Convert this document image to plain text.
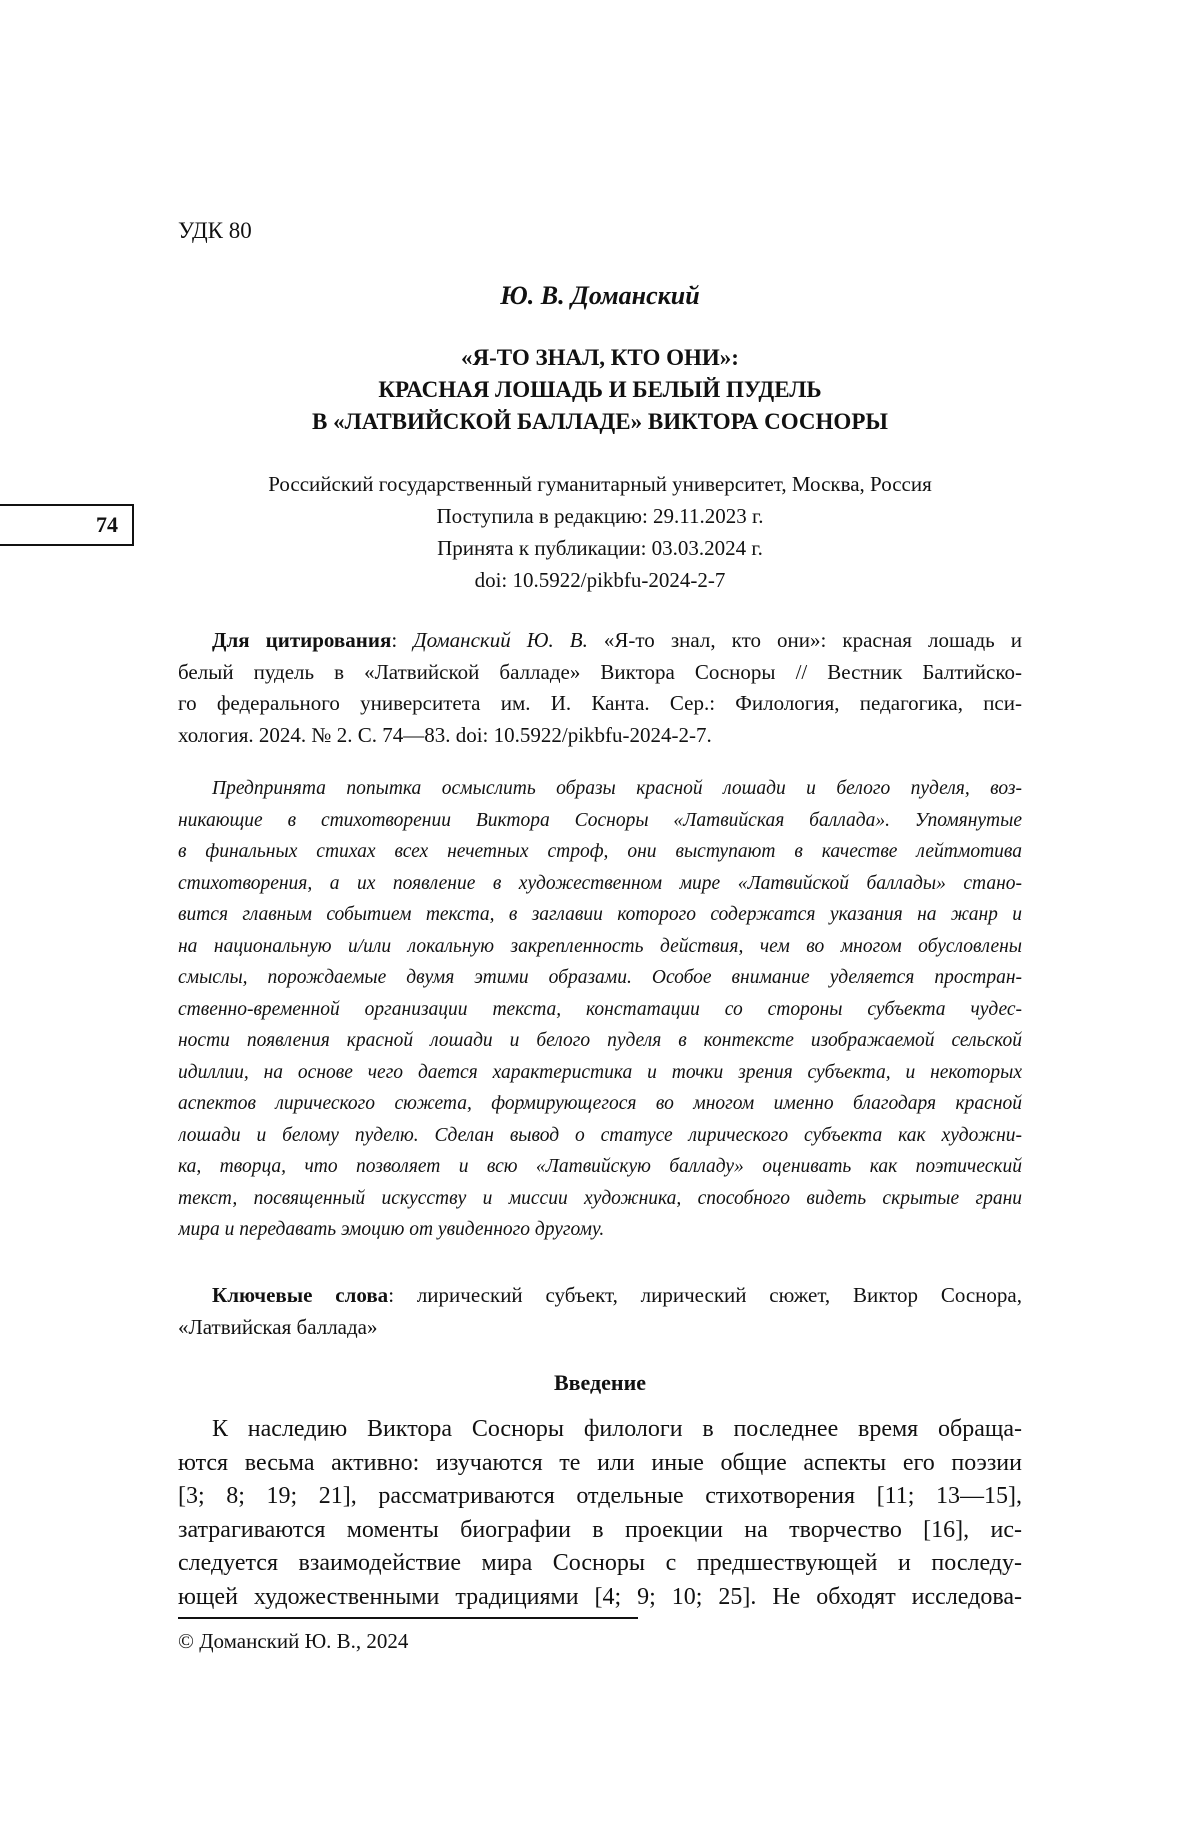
УДК 80
Ю. В. Доманский
«Я-ТО ЗНАЛ, КТО ОНИ»:
КРАСНАЯ ЛОШАДЬ И БЕЛЫЙ ПУДЕЛЬ
В «ЛАТВИЙСКОЙ БАЛЛАДЕ» ВИКТОРА СОСНОРЫ
Российский государственный гуманитарный университет, Москва, Россия
Поступила в редакцию: 29.11.2023 г.
Принята к публикации: 03.03.2024 г.
doi: 10.5922/pikbfu-2024-2-7
74
Для цитирования: Доманский Ю. В. «Я-то знал, кто они»: красная лошадь и
белый пудель в «Латвийской балладе» Виктора Сосноры // Вестник Балтийско-
го федерального университета им. И. Канта. Сер.: Филология, педагогика, пси-
хология. 2024. № 2. С. 74—83. doi: 10.5922/pikbfu-2024-2-7.
Предпринята попытка осмыслить образы красной лошади и белого пуделя, воз-
никающие в стихотворении Виктора Сосноры «Латвийская баллада». Упомянутые
в финальных стихах всех нечетных строф, они выступают в качестве лейтмотива
стихотворения, а их появление в художественном мире «Латвийской баллады» стано-
вится главным событием текста, в заглавии которого содержатся указания на жанр и
на национальную и/или локальную закрепленность действия, чем во многом обусловлены
смыслы, порождаемые двумя этими образами. Особое внимание уделяется простран-
ственно-временной организации текста, констатации со стороны субъекта чудес-
ности появления красной лошади и белого пуделя в контексте изображаемой сельской
идиллии, на основе чего дается характеристика и точки зрения субъекта, и некоторых
аспектов лирического сюжета, формирующегося во многом именно благодаря красной
лошади и белому пуделю. Сделан вывод о статусе лирического субъекта как художни-
ка, творца, что позволяет и всю «Латвийскую балладу» оценивать как поэтический
текст, посвященный искусству и миссии художника, способного видеть скрытые грани
мира и передавать эмоцию от увиденного другому.
Ключевые слова: лирический субъект, лирический сюжет, Виктор Соснора,
«Латвийская баллада»
Введение
К наследию Виктора Сосноры филологи в последнее время обраща-
ются весьма активно: изучаются те или иные общие аспекты его поэзии
[3; 8; 19; 21], рассматриваются отдельные стихотворения [11; 13—15],
затрагиваются моменты биографии в проекции на творчество [16], ис-
следуется взаимодействие мира Сосноры с предшествующей и последу-
ющей художественными традициями [4; 9; 10; 25]. Не обходят исследова-
© Доманский Ю. В., 2024
